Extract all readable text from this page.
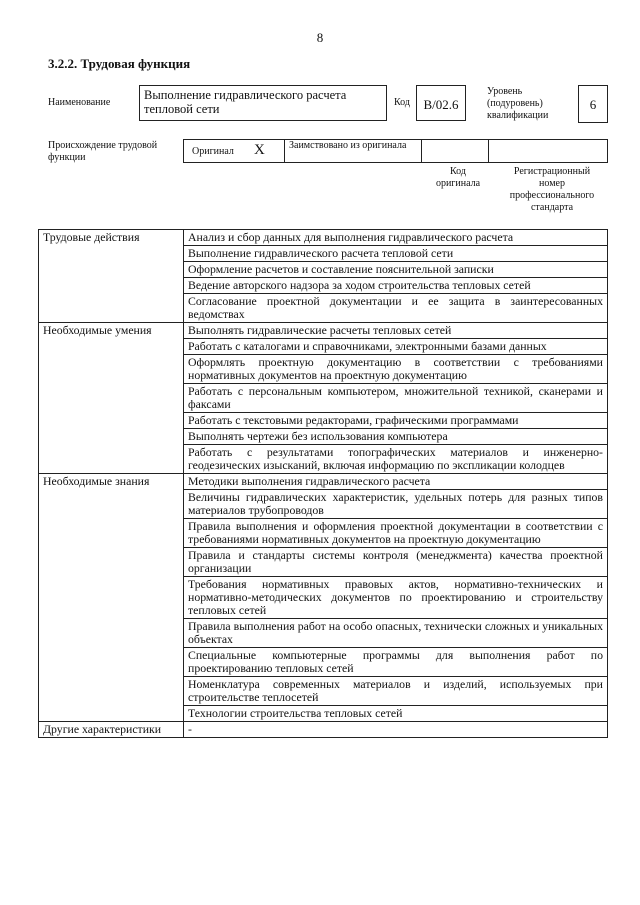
8
3.2.2. Трудовая функция
Наименование
Выполнение гидравлического расчета тепловой сети	Код	В/02.6
Уровень (подуровень) квалификации
6
Происхождение трудовой функции
Оригинал X Заимствовано из оригинала
Код оригинала
Регистрационный номер профессионального стандарта
Трудовые действия	Анализ и сбор данных для выполнения гидравлического расчета
	Выполнение гидравлического расчета тепловой сети
	Оформление расчетов и составление пояснительной записки
	Ведение авторского надзора за ходом строительства тепловых сетей
	Согласование проектной документации и ее защита в заинтересованных ведомствах
Необходимые умения	Выполнять гидравлические расчеты тепловых сетей
	Работать с каталогами и справочниками, электронными базами данных
	Оформлять проектную документацию в соответствии с требованиями нормативных документов на проектную документацию
	Работать с персональным компьютером, множительной техникой, сканерами и факсами
	Работать с текстовыми редакторами, графическими программами
	Выполнять чертежи без использования компьютера
	Работать с результатами топографических материалов и инженерно-геодезических изысканий, включая информацию по экспликации колодцев
Необходимые знания	Методики выполнения гидравлического расчета
	Величины гидравлических характеристик, удельных потерь для разных типов материалов трубопроводов
	Правила выполнения и оформления проектной документации в соответствии с требованиями нормативных документов на проектную документацию
	Правила и стандарты системы контроля (менеджмента) качества проектной организации
	Требования нормативных правовых актов, нормативно-технических и нормативно-методических документов по проектированию и строительству тепловых сетей
	Правила выполнения работ на особо опасных, технически сложных и уникальных объектах
	Специальные компьютерные программы для выполнения работ по проектированию тепловых сетей
	Номенклатура современных материалов и изделий, используемых при строительстве теплосетей
	Технологии строительства тепловых сетей
Другие характеристики	-
